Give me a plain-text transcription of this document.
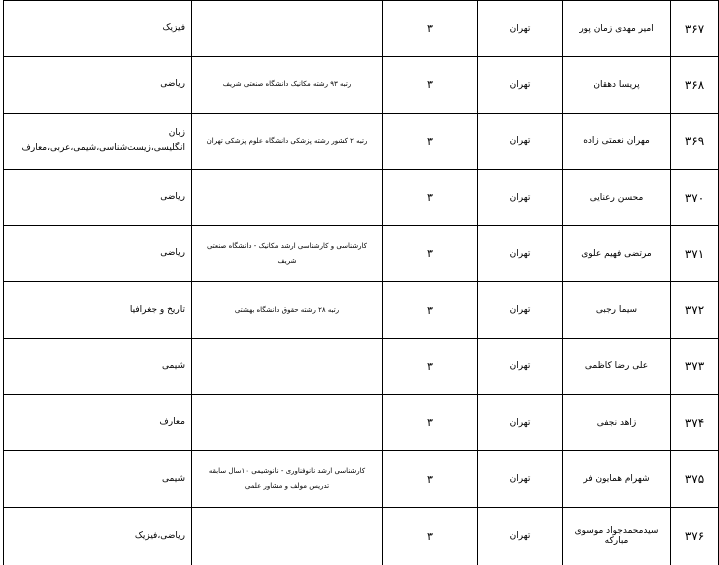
۳۶۷	امیر مهدی زمان پور	تهران	۳		فیزیک
۳۶۸	پریسا دهقان	تهران	۳	رتبه ۹۳ رشته مکانیک دانشگاه صنعتی شریف	ریاضی
۳۶۹	مهران نعمتی زاده	تهران	۳	رتبه ۲ کشور رشته پزشکی دانشگاه علوم پزشکی تهران	زبان انگلیسی،زیست‌شناسی،شیمی،عربی،معارف
۳۷۰	محسن رعنایی	تهران	۳		ریاضی
۳۷۱	مرتضی فهیم علوی	تهران	۳	کارشناسی و کارشناسی ارشد مکانیک - دانشگاه صنعتی شریف	ریاضی
۳۷۲	سیما رجبی	تهران	۳	رتبه ۲۸ رشته حقوق دانشگاه بهشتی	تاریخ و جغرافیا
۳۷۳	علی رضا کاظمی	تهران	۳		شیمی
۳۷۴	زاهد نجفی	تهران	۳		معارف
۳۷۵	شهرام همایون فر	تهران	۳	کارشناسی ارشد نانوفناوری - نانوشیمی ۱۰سال سابقه تدریس مولف و مشاور علمی	شیمی
۳۷۶	سیدمحمدجواد موسوی مبارکه	تهران	۳		ریاضی،فیزیک
